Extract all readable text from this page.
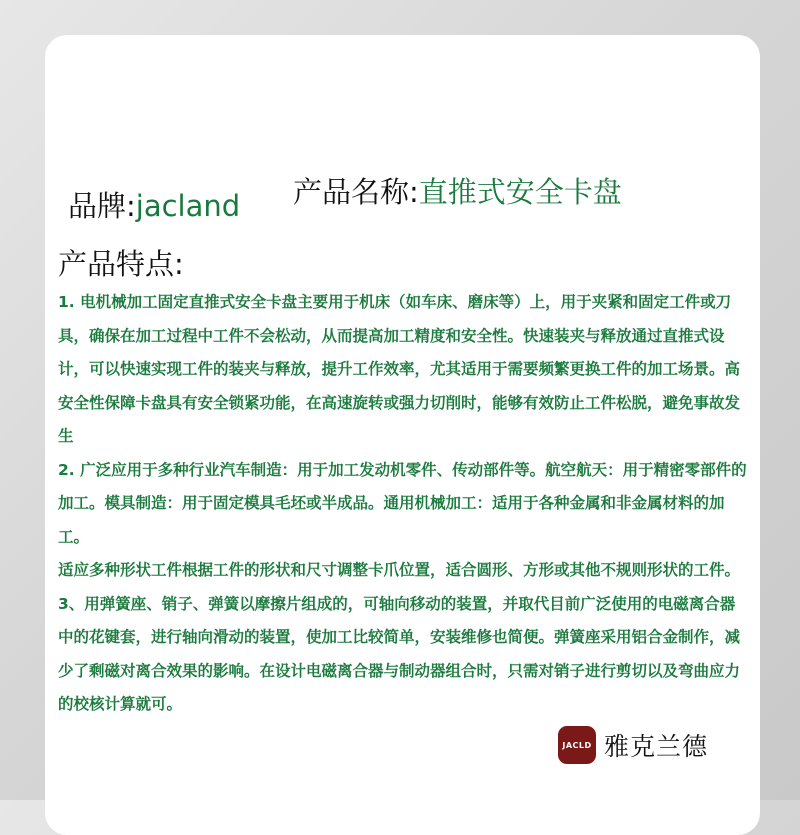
品牌:jacland 产品名称:直推式安全卡盘
产品特点:

1. 电机械加工固定直推式安全卡盘主要用于机床（如车床、磨床等）上，用于夹紧和固定工件或刀具，确保在加工过程中工件不会松动，从而提高加工精度和安全性。快速装夹与释放通过直推式设计，可以快速实现工件的装夹与释放，提升工作效率，尤其适用于需要频繁更换工件的加工场景。高安全性保障卡盘具有安全锁紧功能，在高速旋转或强力切削时，能够有效防止工件松脱，避免事故发生

2. 广泛应用于多种行业汽车制造：用于加工发动机零件、传动部件等。航空航天：用于精密零部件的加工。模具制造：用于固定模具毛坯或半成品。通用机械加工：适用于各种金属和非金属材料的加工。

适应多种形状工件根据工件的形状和尺寸调整卡爪位置，适合圆形、方形或其他不规则形状的工件。

3、用弹簧座、销子、弹簧以摩擦片组成的，可轴向移动的装置，并取代目前广泛使用的电磁离合器中的花键套，进行轴向滑动的装置，使加工比较简单，安装维修也简便。弹簧座采用铝合金制作，减少了剩磁对离合效果的影响。在设计电磁离合器与制动器组合时，只需对销子进行剪切以及弯曲应力的校核计算就可。

JACLD 雅克兰德
